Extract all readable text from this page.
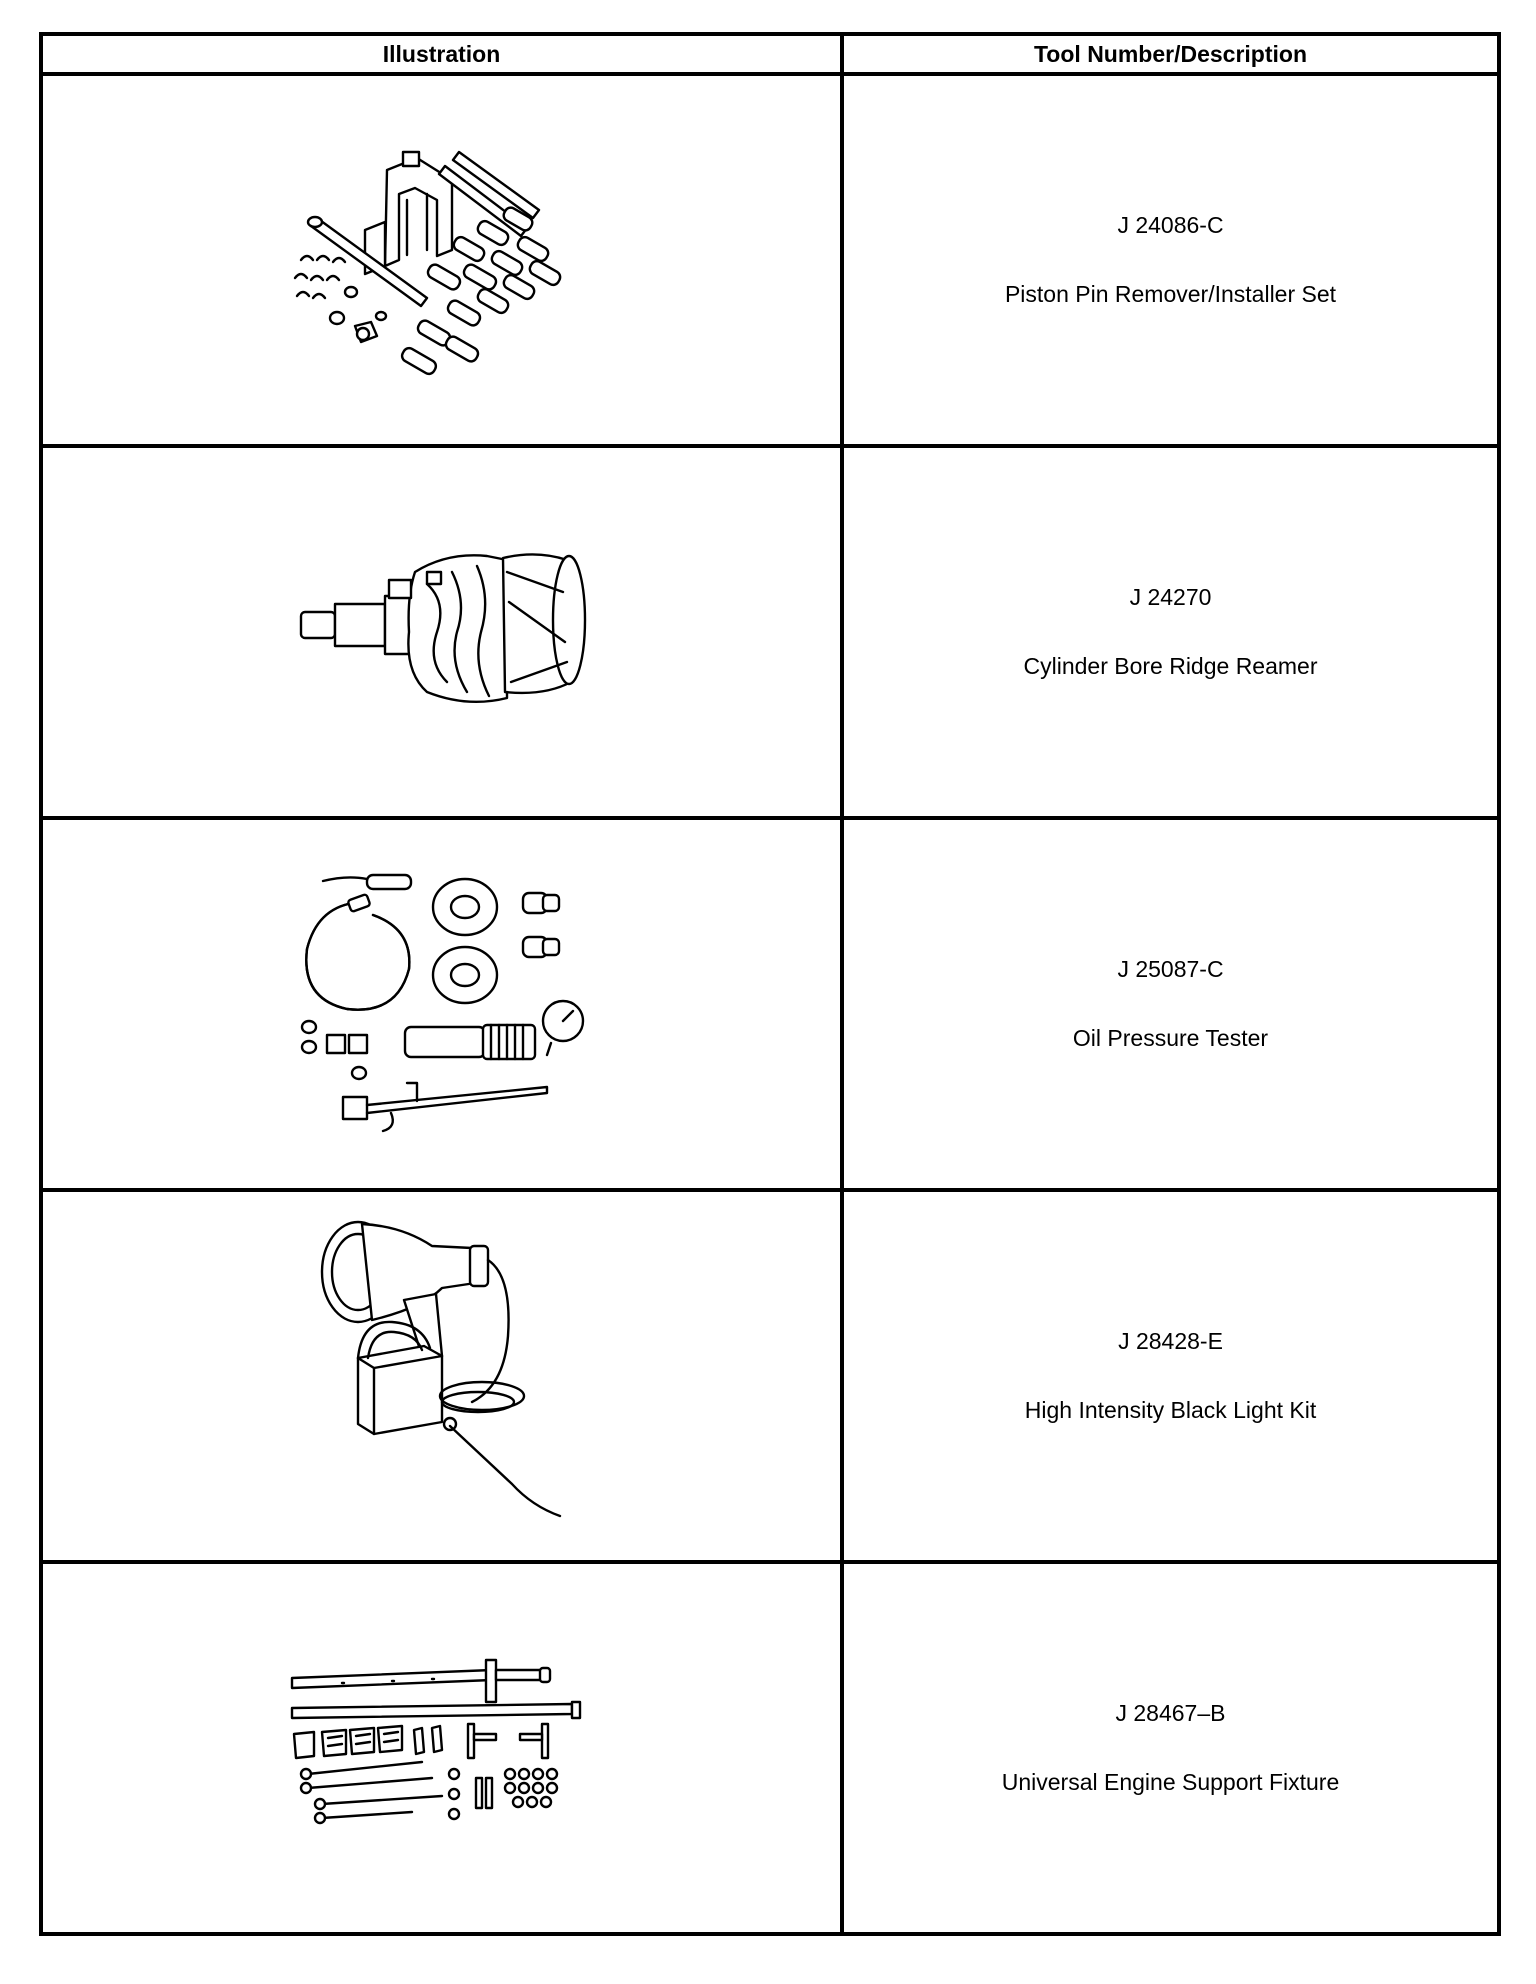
Illustration	Tool Number/Description

J 24086-C
Piston Pin Remover/Installer Set

J 24270
Cylinder Bore Ridge Reamer

J 25087-C
Oil Pressure Tester

J 28428-E
High Intensity Black Light Kit

J 28467–B
Universal Engine Support Fixture
